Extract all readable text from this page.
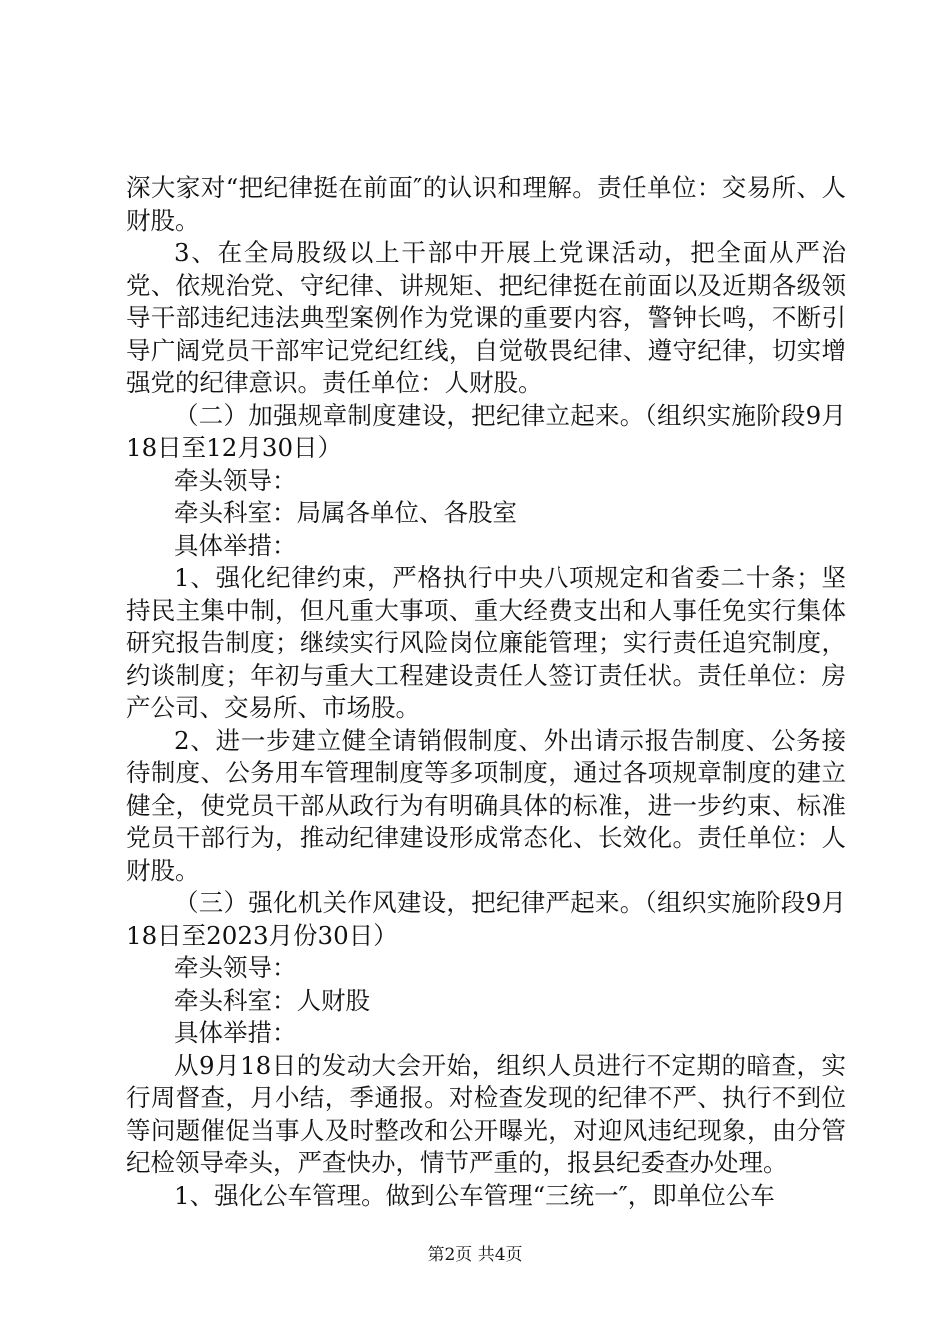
深大家对“把纪律挺在前面″的认识和理解。责任单位：交易所、人财股。

3、在全局股级以上干部中开展上党课活动，把全面从严治党、依规治党、守纪律、讲规矩、把纪律挺在前面以及近期各级领导干部违纪违法典型案例作为党课的重要内容，警钟长鸣，不断引导广阔党员干部牢记党纪红线，自觉敬畏纪律、遵守纪律，切实增强党的纪律意识。责任单位：人财股。

（二）加强规章制度建设，把纪律立起来。（组织实施阶段9月18日至12月30日）

牵头领导：

牵头科室：局属各单位、各股室

具体举措：

1、强化纪律约束，严格执行中央八项规定和省委二十条；坚持民主集中制，但凡重大事项、重大经费支出和人事任免实行集体研究报告制度；继续实行风险岗位廉能管理；实行责任追究制度，约谈制度；年初与重大工程建设责任人签订责任状。责任单位：房产公司、交易所、市场股。

2、进一步建立健全请销假制度、外出请示报告制度、公务接待制度、公务用车管理制度等多项制度，通过各项规章制度的建立健全，使党员干部从政行为有明确具体的标准，进一步约束、标准党员干部行为，推动纪律建设形成常态化、长效化。责任单位：人财股。

（三）强化机关作风建设，把纪律严起来。（组织实施阶段9月18日至2023月份30日）

牵头领导：

牵头科室：人财股

具体举措：

从9月18日的发动大会开始，组织人员进行不定期的暗查，实行周督查，月小结，季通报。对检查发现的纪律不严、执行不到位等问题催促当事人及时整改和公开曝光，对迎风违纪现象，由分管纪检领导牵头，严查快办，情节严重的，报县纪委查办处理。

1、强化公车管理。做到公车管理“三统一″，即单位公车

第2页 共4页
